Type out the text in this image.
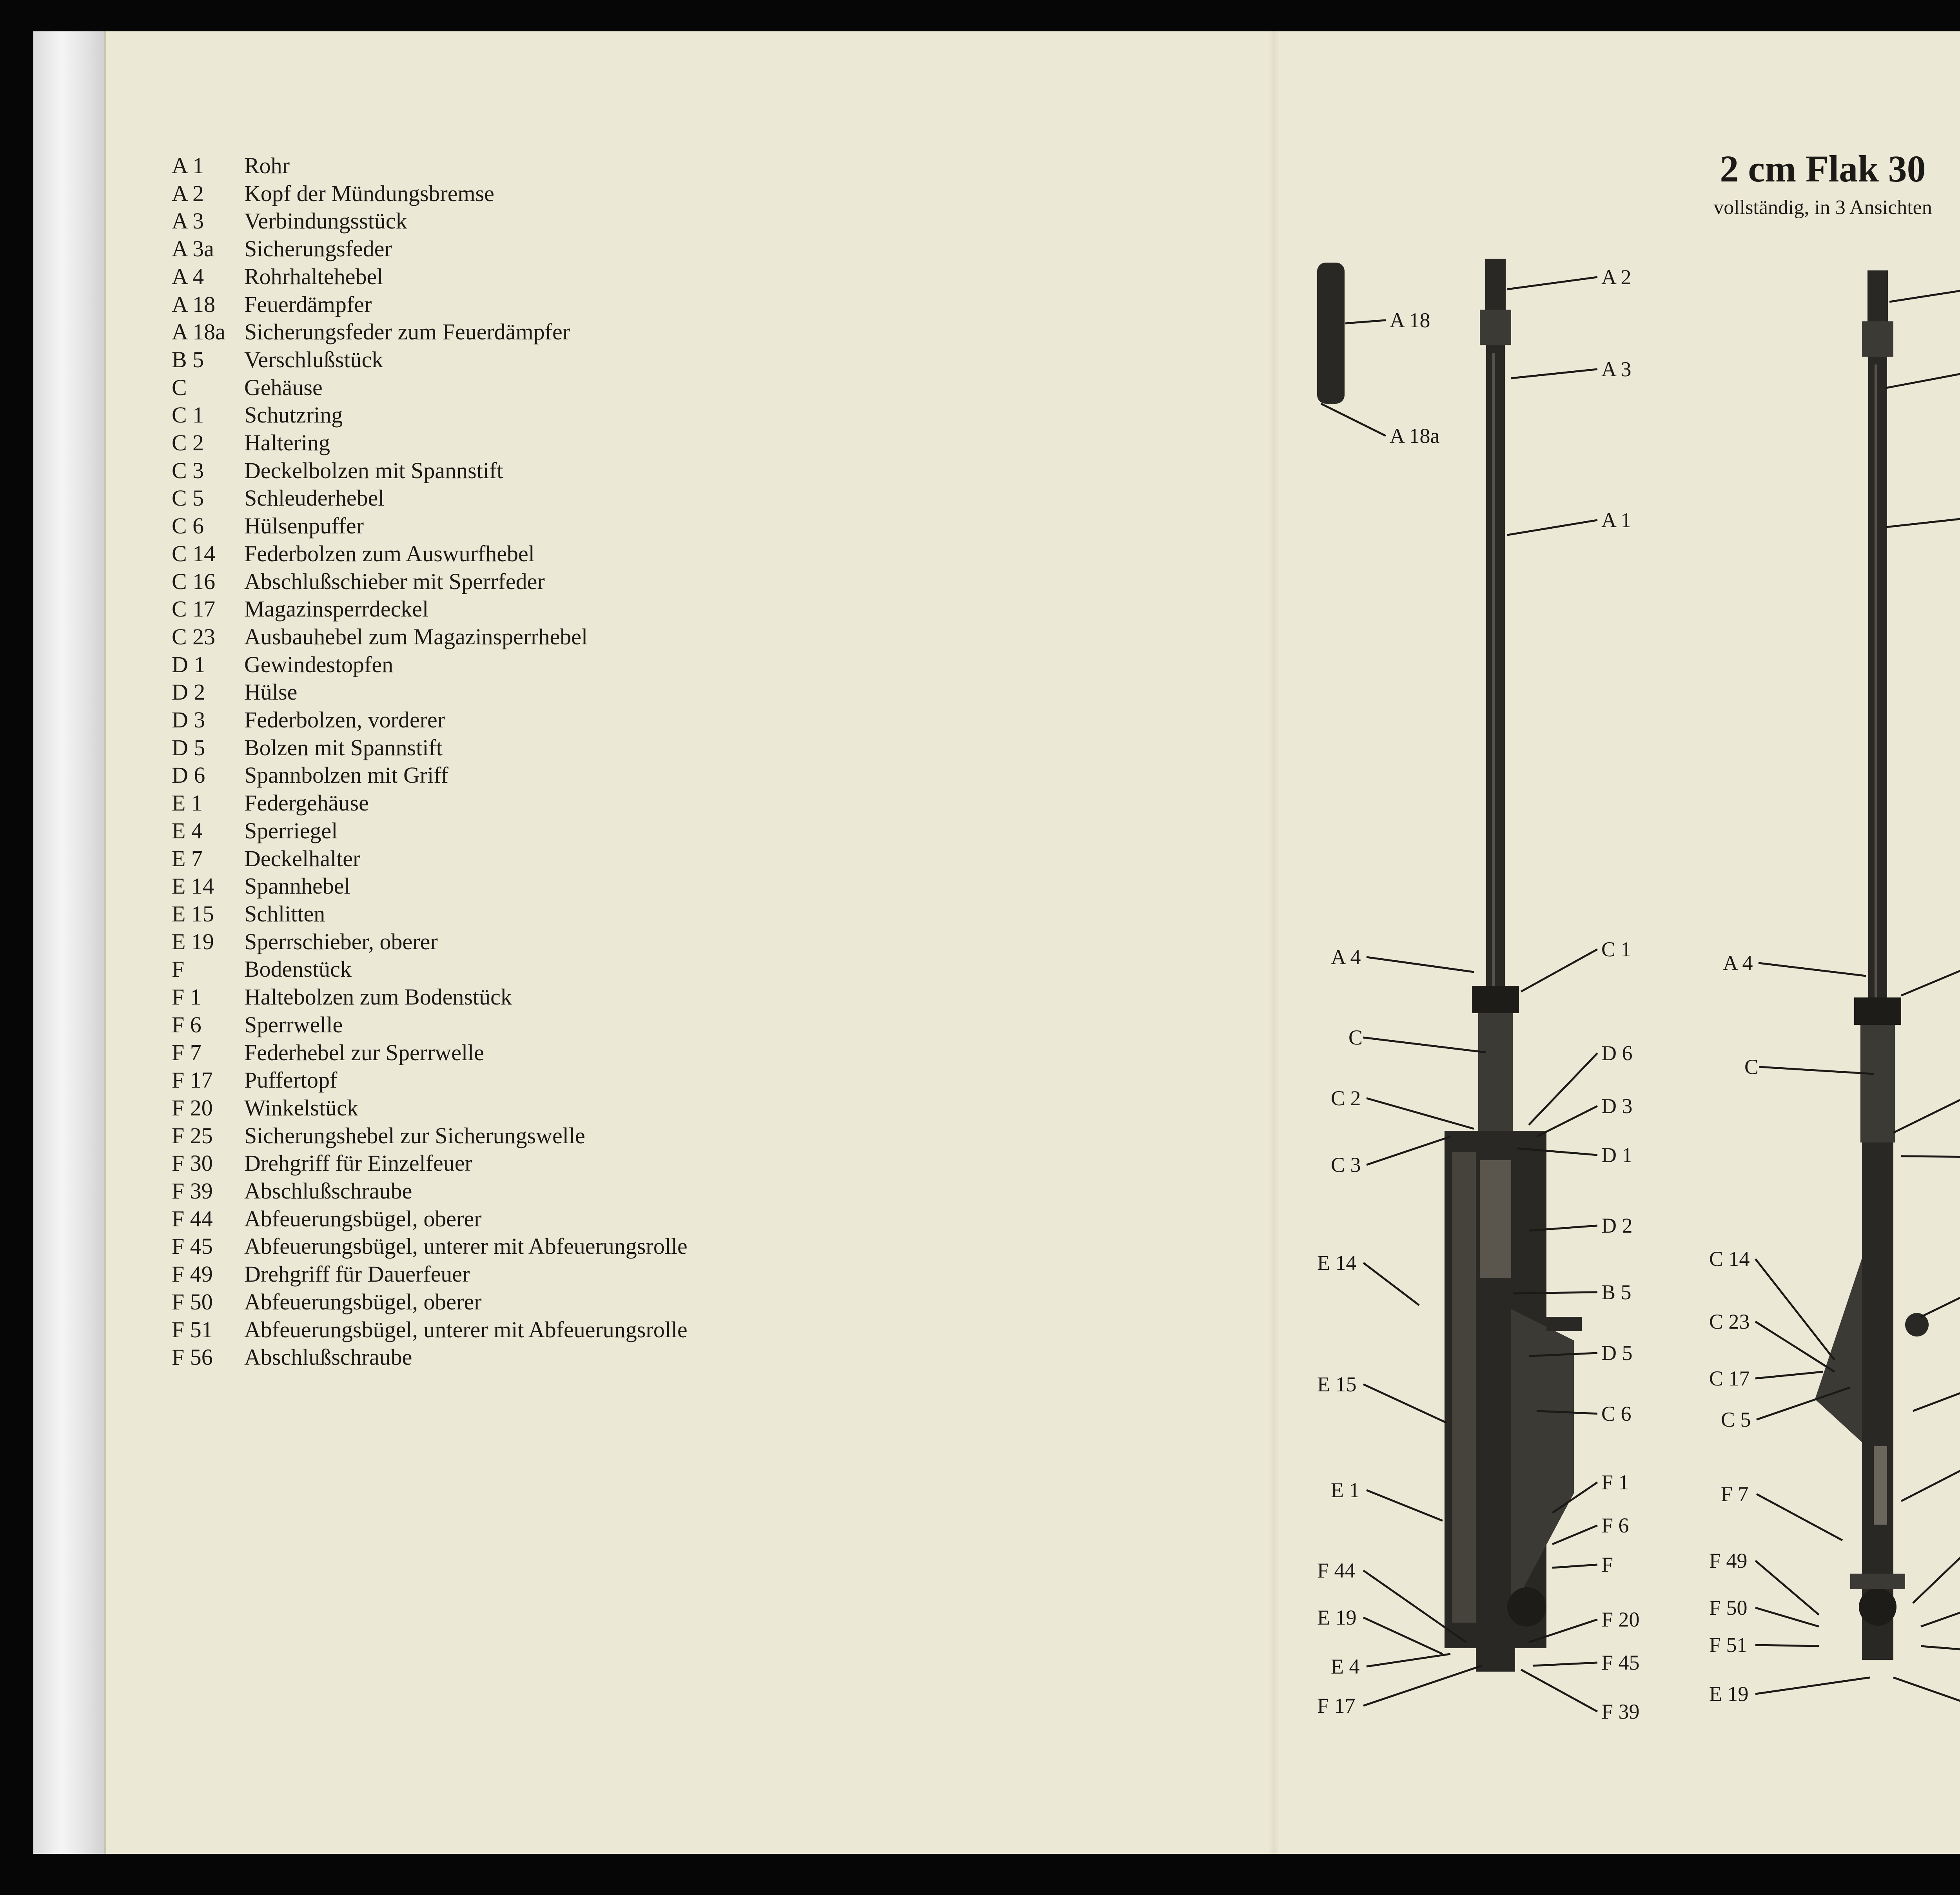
A 1	Rohr
A 2	Kopf der Mündungsbremse
A 3	Verbindungsstück
A 3a	Sicherungsfeder
A 4	Rohrhaltehebel
A 18	Feuerdämpfer
A 18a Sicherungsfeder zum Feuerdämpfer
B 5	Verschlußstück
C	Gehäuse
C 1	Schutzring
C 2	Haltering
C 3	Deckelbolzen mit Spannstift
C 5	Schleuderhebel
C 6	Hülsenpuffer
C 14	Federbolzen zum Auswurfhebel
C 16	Abschlußschieber mit Sperrfeder
C 17	Magazinsperrdeckel
C 23	Ausbauhebel zum Magazinsperrhebel
D 1	Gewindestopfen
D 2	Hülse
D 3	Federbolzen, vorderer
D 5	Bolzen mit Spannstift
D 6	Spannbolzen mit Griff
E 1	Federgehäuse
E 4	Sperriegel
E 7	Deckelhalter
E 14	Spannhebel
E 15	Schlitten
E 19	Sperrschieber, oberer
F	Bodenstück
F 1	Haltebolzen zum Bodenstück
F 6	Sperrwelle
F 7	Federhebel zur Sperrwelle
F 17	Puffertopf
F 20	Winkelstück
F 25	Sicherungshebel zur Sicherungswelle
F 30	Drehgriff für Einzelfeuer
F 39	Abschlußschraube
F 44	Abfeuerungsbügel, oberer
F 45	Abfeuerungsbügel, unterer mit Abfeuerungsrolle
F 49	Drehgriff für Dauerfeuer
F 50	Abfeuerungsbügel, oberer
F 51	Abfeuerungsbügel, unterer mit Abfeuerungsrolle
F 56	Abschlußschraube
2 cm Flak 30
vollständig, in 3 Ansichten
A 18
A 18a
A 2
A 3
A 1
A 4	C 1
C
D 6
C 2	D 3
C 3	D 1
D 2
E 14
B 5
D 5
E 15
C 6
E 1	F 1
F 6
F
F 44
E 19	F 20
E 4	F 45
F 17	F 39
A 4
C
C 14
C 23
C 17
C 5
F 7
F 49
F 50
F 51
E 19
